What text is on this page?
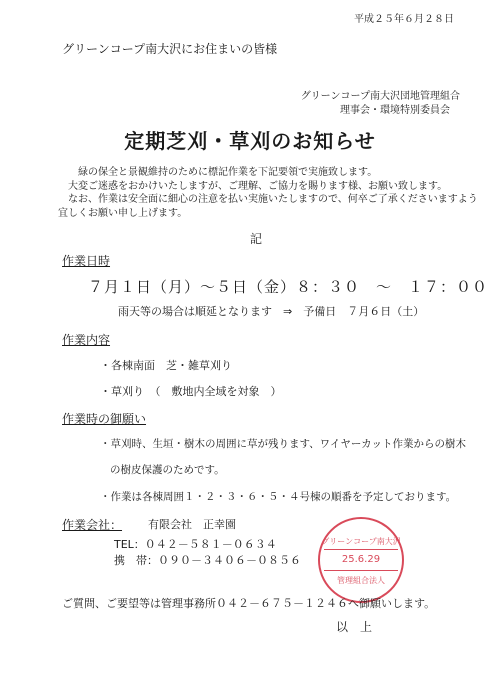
平成２５年６月２８日
グリーンコープ南大沢にお住まいの皆様
グリーンコープ南大沢団地管理組合
理事会・環境特別委員会
定期芝刈・草刈のお知らせ

緑の保全と景観維持のために標記作業を下記要領で実施致します。

大変ご迷惑をおかけいたしますが、ご理解、ご協力を賜ります様、お願い致します。

なお、作業は安全面に細心の注意を払い実施いたしますので、何卒ご了承くださいますよう

宜しくお願い申し上げます。

記
作業日時
７月１日（月）～５日（金）８：３０　～　１７：００
雨天等の場合は順延となります　⇒　予備日　７月６日（土）
作業内容
・各棟南面　芝・雑草刈り
・草刈り　（　敷地内全域を対象　）
作業時の御願い
・草刈時、生垣・樹木の周囲に草が残ります、ワイヤーカット作業からの樹木
の樹皮保護のためです。
・作業は各棟周囲１・２・３・６・５・４号棟の順番を予定しております。
作業会社： 有限会社　正幸園
TEL：０４２－５８１－０６３４
携　帯：０９０－３４０６－０８５６
グリーンコープ南大沢
25.6.29
管理組合法人
ご質問、ご要望等は管理事務所０４２－６７５－１２４６へ御願いします。
以　上
